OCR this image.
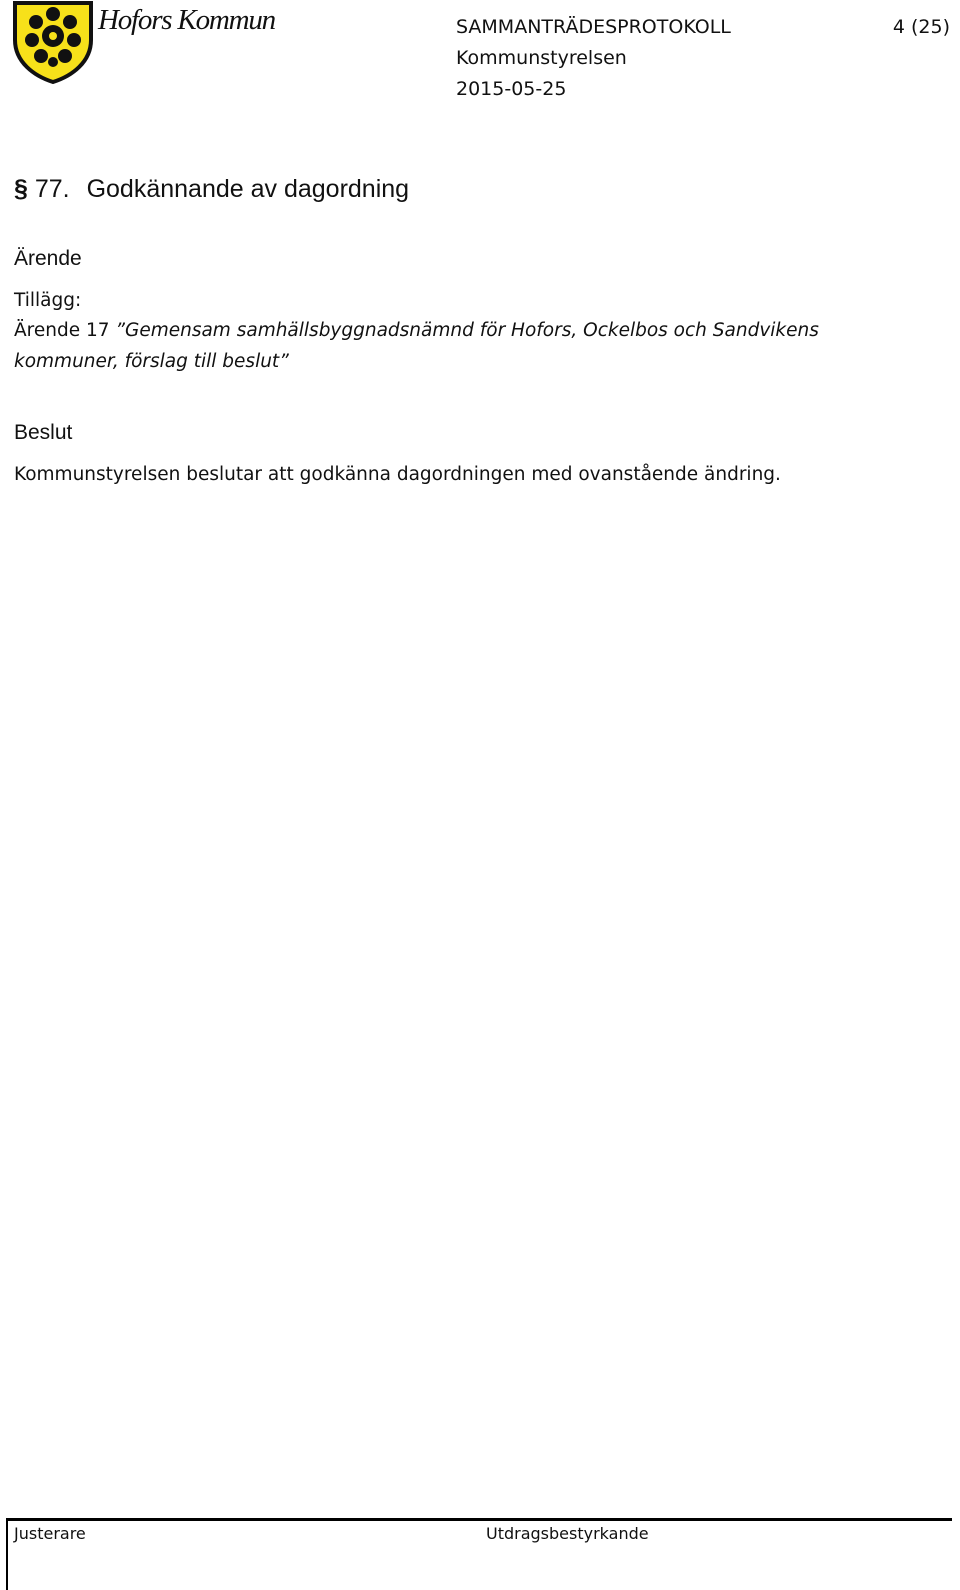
Hofors Kommun	SAMMANTRÄDESPROTOKOLL
Kommunstyrelsen
2015-05-25
4 (25)
§ 77. Godkännande av dagordning
Ärende
Tillägg:
Ärende 17 ”Gemensam samhällsbyggnadsnämnd för Hofors, Ockelbos och Sandvikens
kommuner, förslag till beslut”
Beslut
Kommunstyrelsen beslutar att godkänna dagordningen med ovanstående ändring.
Justerare	Utdragsbestyrkande
